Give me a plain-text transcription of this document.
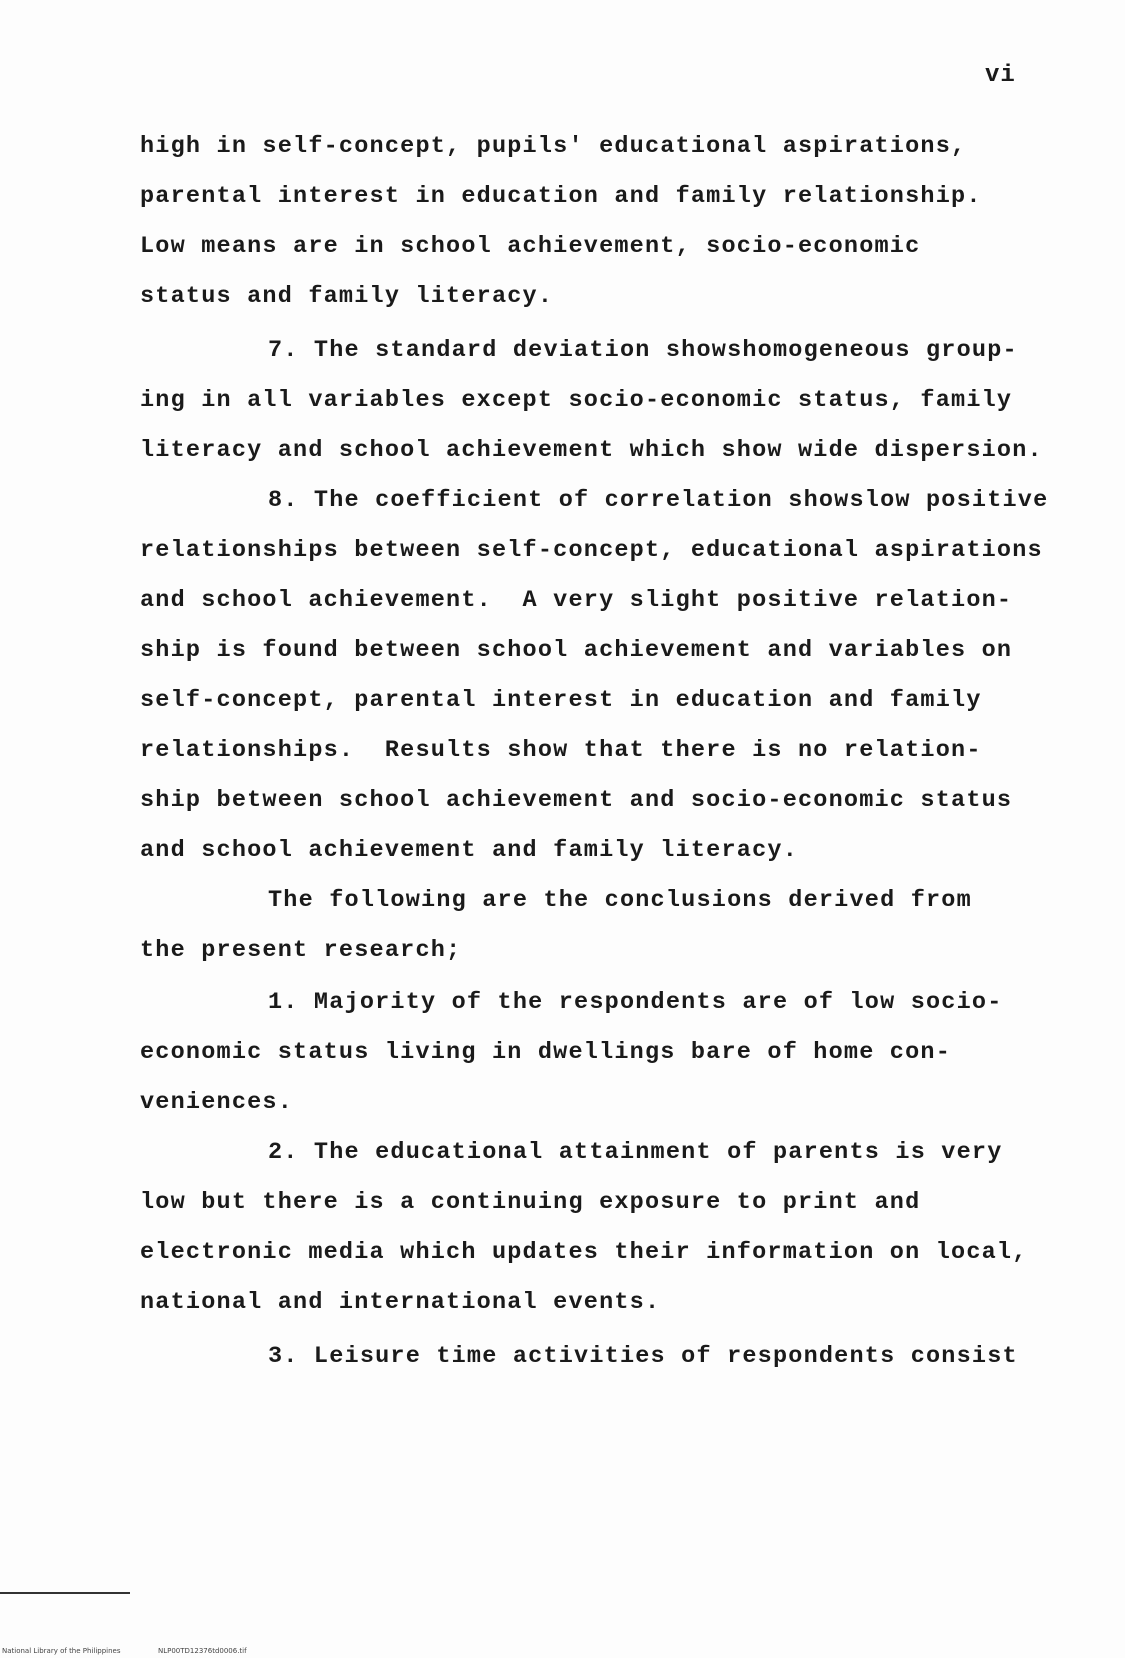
vi
high in self-concept, pupils' educational aspirations,
parental interest in education and family relationship.
Low means are in school achievement, socio-economic
status and family literacy.
7. The standard deviation showshomogeneous group-
ing in all variables except socio-economic status, family
literacy and school achievement which show wide dispersion.
8. The coefficient of correlation showslow positive
relationships between self-concept, educational aspirations
and school achievement.  A very slight positive relation-
ship is found between school achievement and variables on
self-concept, parental interest in education and family
relationships.  Results show that there is no relation-
ship between school achievement and socio-economic status
and school achievement and family literacy.
The following are the conclusions derived from
the present research;
1. Majority of the respondents are of low socio-
economic status living in dwellings bare of home con-
veniences.
2. The educational attainment of parents is very
low but there is a continuing exposure to print and
electronic media which updates their information on local,
national and international events.
3. Leisure time activities of respondents consist
National Library of the Philippines	NLP00TD12376td0006.tif
